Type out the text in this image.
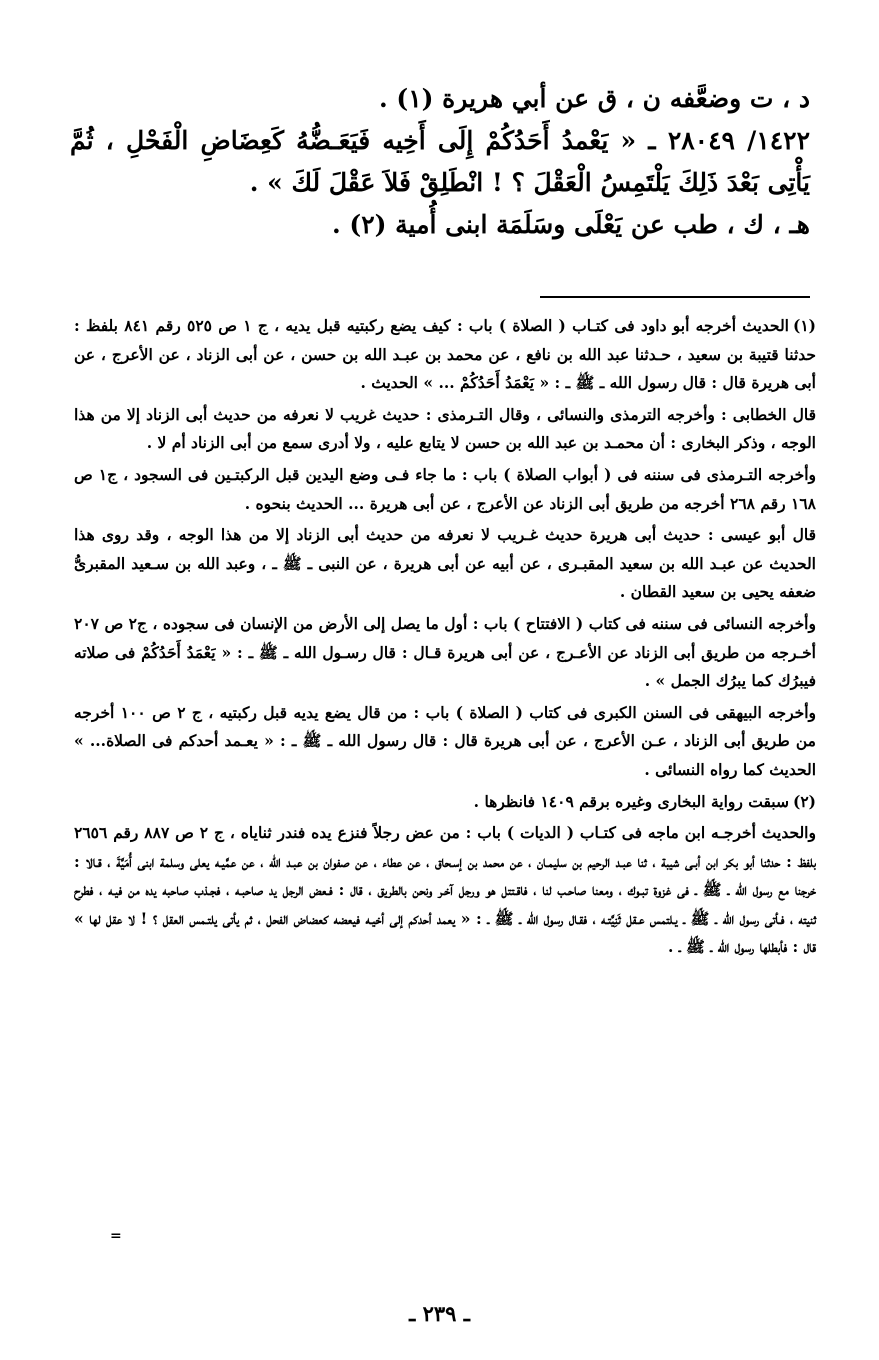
د ، ت وضعَّفه ن ، ق عن أبي هريرة (١) .

١٤٢٢/ ٢٨٠٤٩ ـ « يَعْمدُ أَحَدُكُمْ إِلَى أَخِيه فَيَعَـضُّهُ كَعِضَاضِ الْفَحْلِ ، ثُمَّ يَأْتِى بَعْدَ ذَلِكَ يَلْتَمِسُ الْعَقْلَ ؟ ! انْطَلِقْ فَلاَ عَقْلَ لَكَ » .

هـ ، ك ، طب عن يَعْلَى وسَلَمَة ابنى أُمية (٢) .

(١)الحديث أخرجه أبو داود فى كتـاب ( الصلاة ) باب : كيف يضع ركبتيه قبل يديه ، ج ١ ص ٥٢٥ رقم ٨٤١ بلفظ : حدثنا قتيبة بن سعيد ، حـدثنا عبد الله بن نافع ، عن محمد بن عبـد الله بن حسن ، عن أبى الزناد ، عن الأعرج ، عن أبى هريرة قال : قال رسول الله ـ ﷺ ـ : « يَعْمَدُ أَحَدُكُمْ ... » الحديث .

قال الخطابى : وأخرجه الترمذى والنسائى ، وقال التـرمذى : حديث غريب لا نعرفه من حديث أبى الزناد إلا من هذا الوجه ، وذكر البخارى : أن محمـد بن عبد الله بن حسن لا يتابع عليه ، ولا أدرى سمع من أبى الزناد أم لا .

وأخرجه التـرمذى فى سننه فى ( أبواب الصلاة ) باب : ما جاء فـى وضع اليدين قبل الركبتـين فى السجود ، ج١ ص ١٦٨ رقم ٢٦٨ أخرجه من طريق أبى الزناد عن الأعرج ، عن أبى هريرة ... الحديث بنحوه .

قال أبو عيسى : حديث أبى هريرة حديث غـريب لا نعرفه من حديث أبى الزناد إلا من هذا الوجه ، وقد روى هذا الحديث عن عبـد الله بن سعيد المقبـرى ، عن أبيه عن أبى هريرة ، عن النبى ـ ﷺ ـ ، وعبد الله بن سـعيد المقبرىُّ ضعفه يحيى بن سعيد القطان .

وأخرجه النسائى فى سننه فى كتاب ( الافتتاح ) باب : أول ما يصل إلى الأرض من الإنسان فى سجوده ، ج٢ ص ٢٠٧ أخـرجه من طريق أبى الزناد عن الأعـرج ، عن أبى هريرة قـال : قال رسـول الله ـ ﷺ ـ : « يَعْمَدُ أَحَدُكُمْ فى صلاته فيبرُك كما يبرُك الجمل » .

وأخرجه البيهقى فى السنن الكبرى فى كتاب ( الصلاة ) باب : من قال يضع يديه قبل ركبتيه ، ج ٢ ص ١٠٠ أخرجه من طريق أبى الزناد ، عـن الأعرج ، عن أبى هريرة قال : قال رسول الله ـ ﷺ ـ : « يعـمد أحدكم فى الصلاة... » الحديث كما رواه النسائى .

(٢)سبقت رواية البخارى وغيره برقم ١٤٠٩ فانظرها .

والحديث أخرجـه ابن ماجه فى كتـاب ( الديات ) باب : من عض رجلاً فنزع يده فندر ثناياه ، ج ٢ ص ٨٨٧ رقم ٢٦٥٦ بلفظ : حدثنا أبو بكر ابن أبـى شيبة ، ثنا عبـد الرحيم بن سليمـان ، عن محمد بن إسـحاق ، عن عطاء ، عن صفوان بن عبـد الله ، عن عمَّيـه يعلى وسلمة ابنى أُمَيَّةَ ، قـالا : خرجنا مع رسول الله ـ ﷺ ـ فى غزوة تبـوك ، ومعنا صاحـب لنا ، فاقـتتل هو ورجل آخـر ونحن بالطريق ، قال : فـعض الرجل يد صاحبـه ، فجـذب صاحبه يده من فيـه ، فطرح ثنيته ، فـأتى رسول الله ـ ﷺ ـ يـلتمس عـقل ثَنِيَّتـه ، فقـال رسول الله ـ ﷺ ـ : « يعمد أحدكم إلى أخيـه فيعضه كعضاض الفحل ، ثم يأتى يلتـمس العقل ؟ ! لا عقل لها » قال : فأبطلها رسول الله ـ ﷺ ـ .

=
ـ ٢٣٩ ـ
